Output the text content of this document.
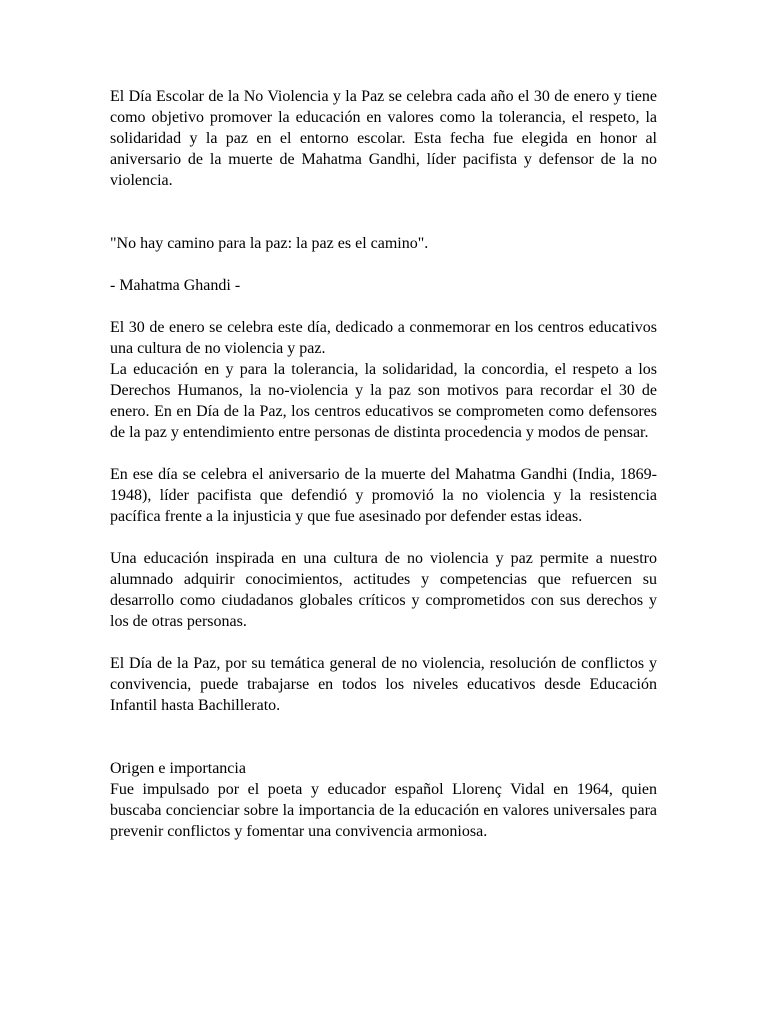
El Día Escolar de la No Violencia y la Paz se celebra cada año el 30 de enero y tiene como objetivo promover la educación en valores como la tolerancia, el respeto, la solidaridad y la paz en el entorno escolar. Esta fecha fue elegida en honor al aniversario de la muerte de Mahatma Gandhi, líder pacifista y defensor de la no violencia.

"No hay camino para la paz: la paz es el camino".

- Mahatma Ghandi -

El 30 de enero se celebra este día, dedicado a conmemorar en los centros educativos una cultura de no violencia y paz.

La educación en y para la tolerancia, la solidaridad, la concordia, el respeto a los Derechos Humanos, la no-violencia y la paz son motivos para recordar el 30 de enero. En en Día de la Paz, los centros educativos se comprometen como defensores de la paz y entendimiento entre personas de distinta procedencia y modos de pensar.

En ese día se celebra el aniversario de la muerte del Mahatma Gandhi (India, 1869-1948), líder pacifista que defendió y promovió la no violencia y la resistencia pacífica frente a la injusticia y que fue asesinado por defender estas ideas.

Una educación inspirada en una cultura de no violencia y paz permite a nuestro alumnado adquirir conocimientos, actitudes y competencias que refuercen su desarrollo como ciudadanos globales críticos y comprometidos con sus derechos y los de otras personas.

El Día de la Paz, por su temática general de no violencia, resolución de conflictos y convivencia, puede trabajarse en todos los niveles educativos desde Educación Infantil hasta Bachillerato.

Origen e importancia

Fue impulsado por el poeta y educador español Llorenç Vidal en 1964, quien buscaba concienciar sobre la importancia de la educación en valores universales para prevenir conflictos y fomentar una convivencia armoniosa.
